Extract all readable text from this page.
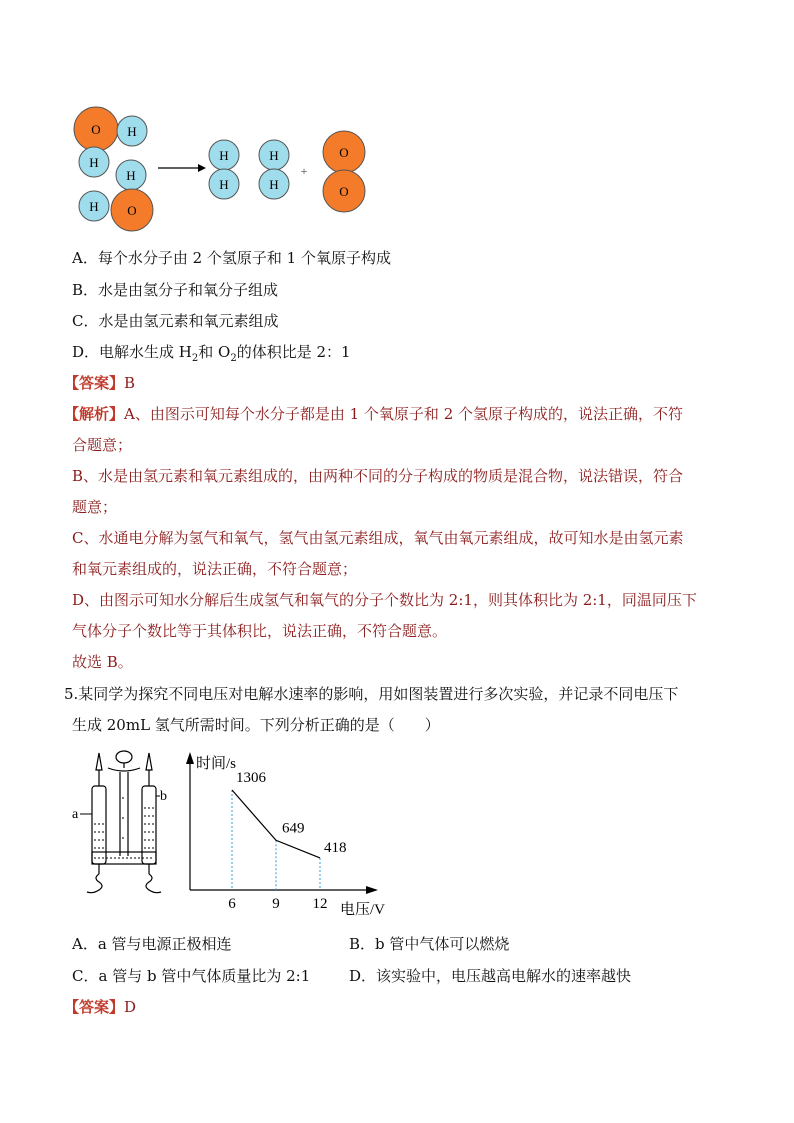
O H
H
H
H O
H
H
H
H
+
O
O
A．每个水分子由 2 个氢原子和 1 个氧原子构成
B．水是由氢分子和氧分子组成
C．水是由氢元素和氧元素组成
D．电解水生成 $H_2$和 $O_2$的体积比是 2：1
【答案】B
【解析】A、由图示可知每个水分子都是由 1 个氧原子和 2 个氢原子构成的，说法正确，不符
合题意；
B、水是由氢元素和氧元素组成的，由两种不同的分子构成的物质是混合物，说法错误，符合
题意；
C、水通电分解为氢气和氧气，氢气由氢元素组成，氧气由氧元素组成，故可知水是由氢元素
和氧元素组成的，说法正确，不符合题意；
D、由图示可知水分解后生成氢气和氧气的分子个数比为 2:1，则其体积比为 2:1，同温同压下
气体分子个数比等于其体积比，说法正确，不符合题意。
故选 B。
5.某同学为探究不同电压对电解水速率的影响，用如图装置进行多次实验，并记录不同电压下
生成 20mL 氢气所需时间。下列分析正确的是（　　）
a
b
时间/s
电压/V
1306
649
418
6 9 12
A．a 管与电源正极相连	B．b 管中气体可以燃烧
C．a 管与 b 管中气体质量比为 2:1	D．该实验中，电压越高电解水的速率越快
【答案】D
